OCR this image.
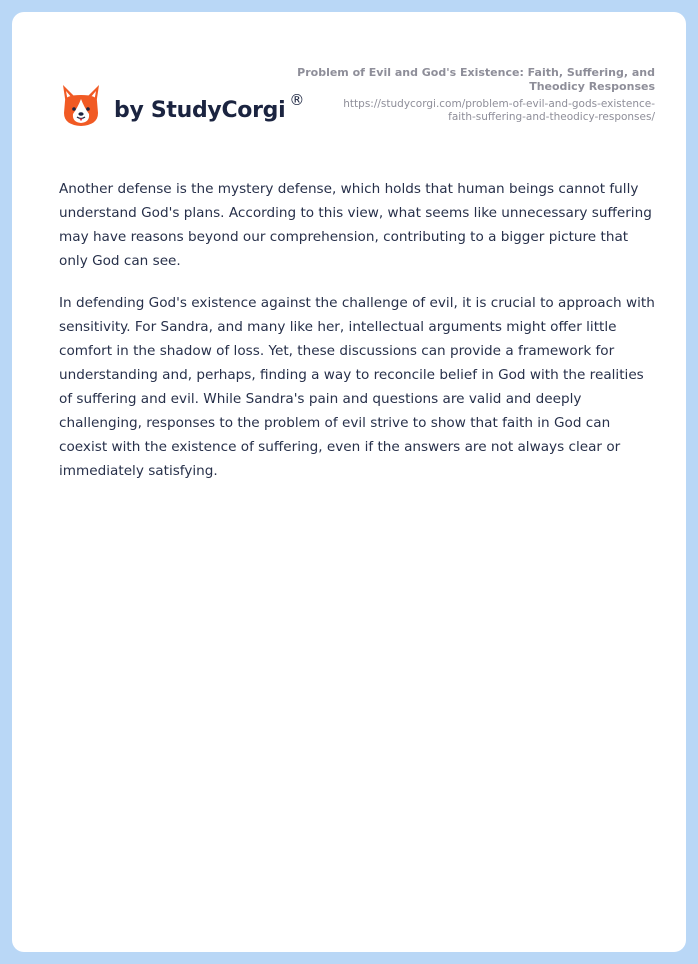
by StudyCorgi ®
Problem of Evil and God's Existence: Faith, Suffering, and
Theodicy Responses
https://studycorgi.com/problem-of-evil-and-gods-existence-
faith-suffering-and-theodicy-responses/

Another defense is the mystery defense, which holds that human beings cannot fully understand God's plans. According to this view, what seems like unnecessary suffering may have reasons beyond our comprehension, contributing to a bigger picture that only God can see.

In defending God's existence against the challenge of evil, it is crucial to approach with sensitivity. For Sandra, and many like her, intellectual arguments might offer little comfort in the shadow of loss. Yet, these discussions can provide a framework for understanding and, perhaps, finding a way to reconcile belief in God with the realities of suffering and evil. While Sandra's pain and questions are valid and deeply challenging, responses to the problem of evil strive to show that faith in God can coexist with the existence of suffering, even if the answers are not always clear or immediately satisfying.
